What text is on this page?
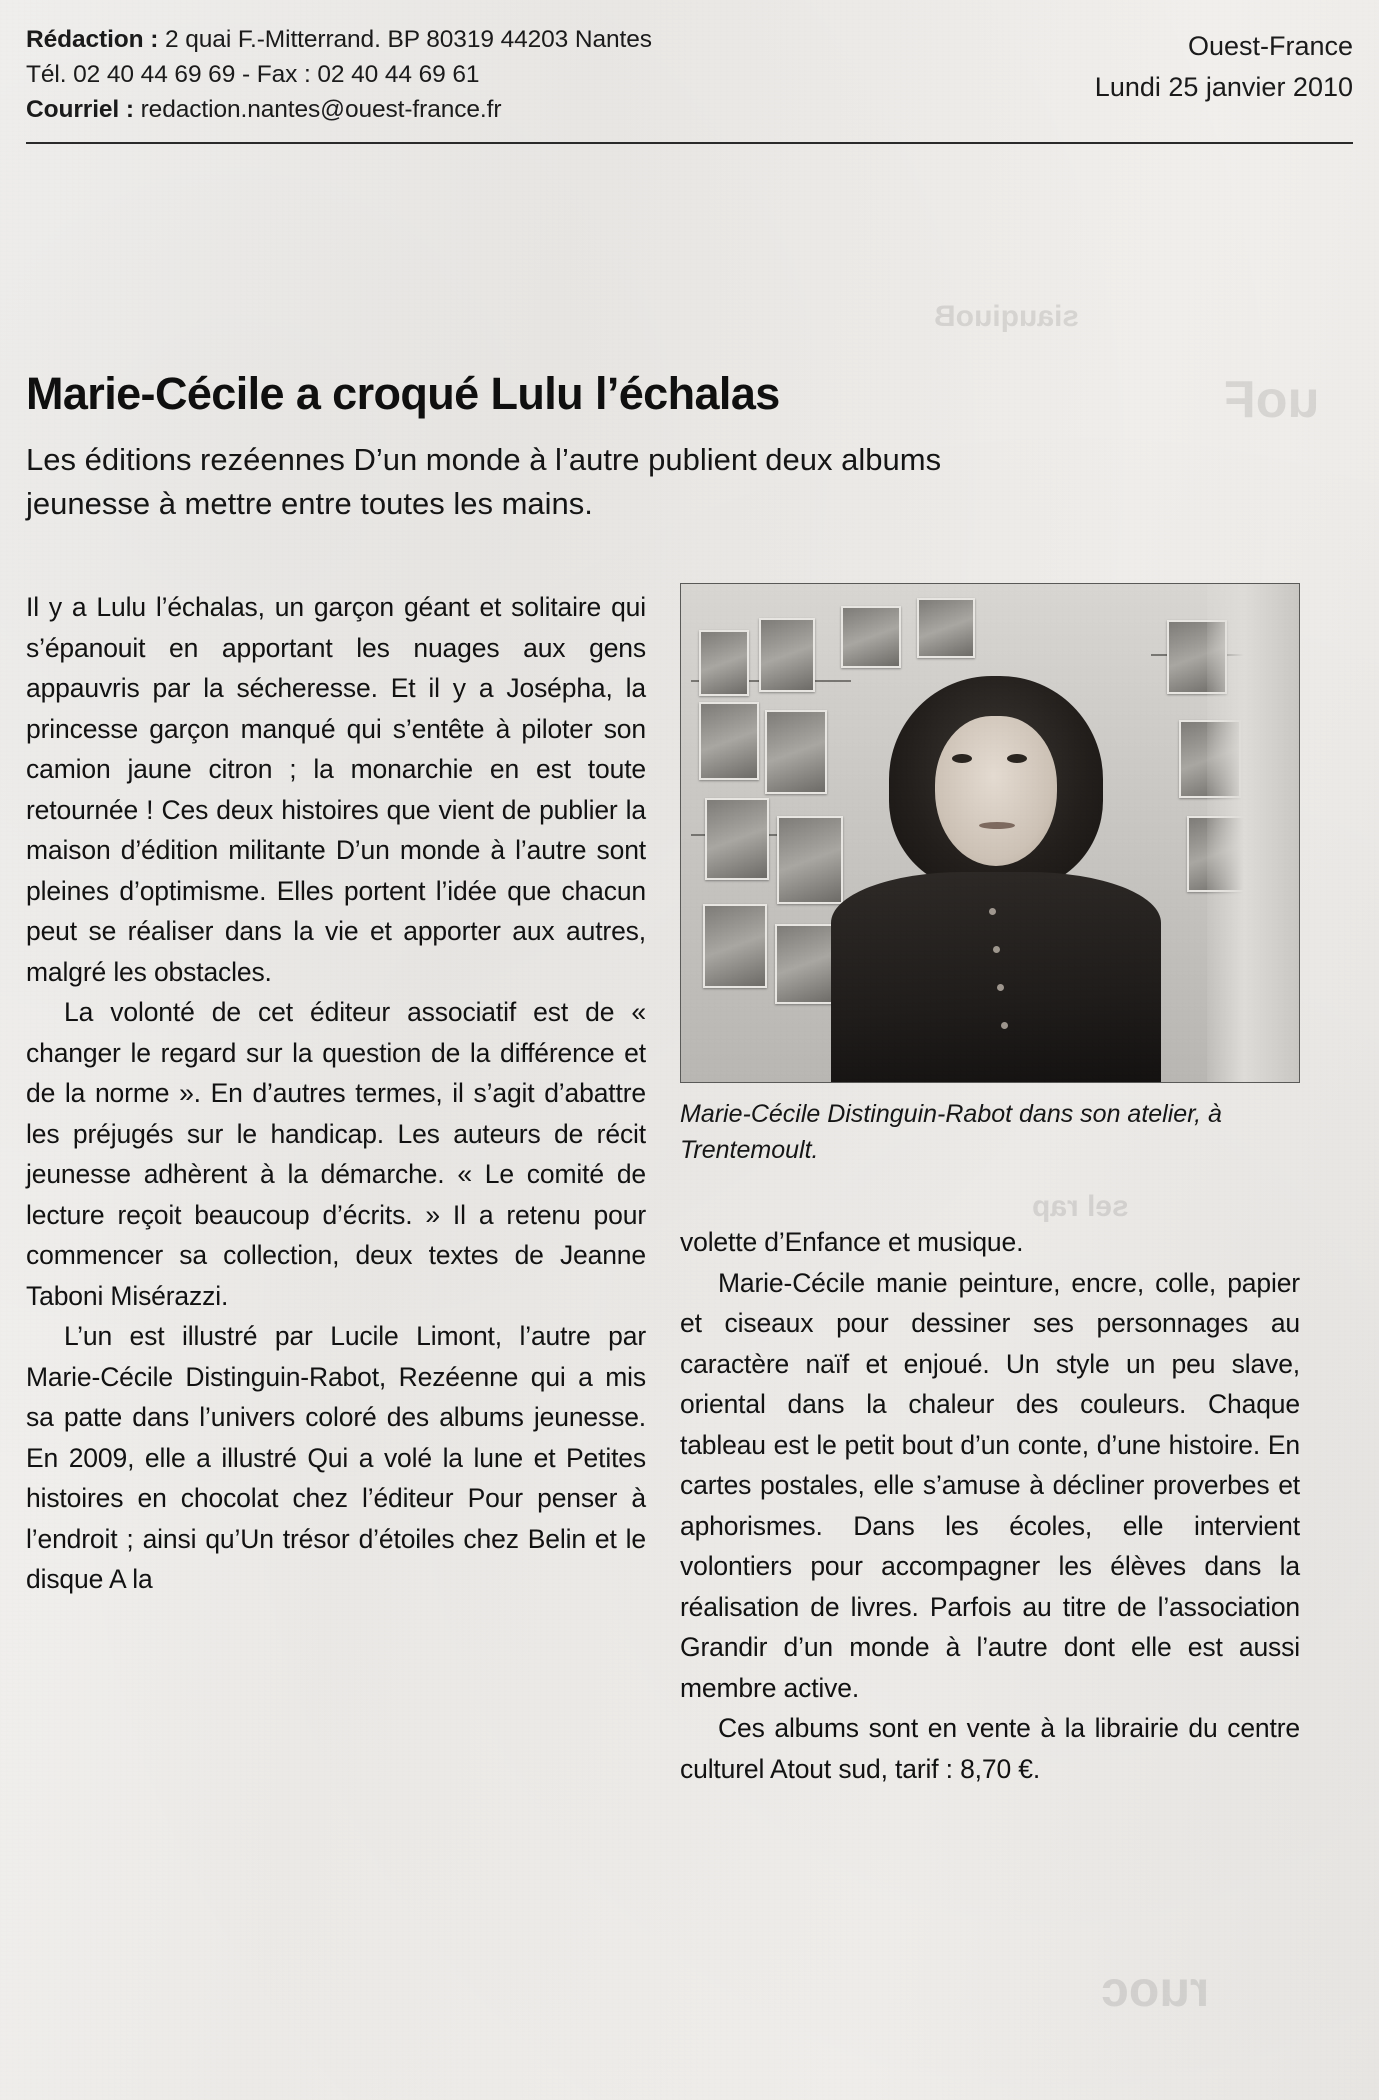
siauqiuoB
uoF
sel rap
ruoc
Rédaction : 2 quai F.-Mitterrand. BP 80319 44203 Nantes
Tél. 02 40 44 69 69 - Fax : 02 40 44 69 61
Courriel : redaction.nantes@ouest-france.fr
Ouest-France
Lundi 25 janvier 2010
Marie-Cécile a croqué Lulu l’échalas
Les éditions rezéennes D’un monde à l’autre publient deux albums jeunesse à mettre entre toutes les mains.
Marie-Cécile Distinguin-Rabot dans son atelier, à Trentemoult.

Il y a Lulu l’échalas, un garçon géant et solitaire qui s’épanouit en apportant les nuages aux gens appauvris par la sécheresse. Et il y a Josépha, la princesse garçon manqué qui s’entête à piloter son camion jaune citron ; la monarchie en est toute retournée ! Ces deux histoires que vient de publier la maison d’édition militante D’un monde à l’autre sont pleines d’optimisme. Elles portent l’idée que chacun peut se réaliser dans la vie et apporter aux autres, malgré les obstacles.

La volonté de cet éditeur associatif est de « changer le regard sur la question de la différence et de la norme ». En d’autres termes, il s’agit d’abattre les préjugés sur le handicap. Les auteurs de récit jeunesse adhèrent à la démarche. « Le comité de lecture reçoit beaucoup d’écrits. » Il a retenu pour commencer sa collection, deux textes de Jeanne Taboni Misérazzi.

L’un est illustré par Lucile Limont, l’autre par Marie-Cécile Distinguin-Rabot, Rezéenne qui a mis sa patte dans l’univers coloré des albums jeunesse. En 2009, elle a illustré Qui a volé la lune et Petites histoires en chocolat chez l’éditeur Pour penser à l’endroit ; ainsi qu’Un trésor d’étoiles chez Belin et le disque A la

volette d’Enfance et musique.

Marie-Cécile manie peinture, encre, colle, papier et ciseaux pour dessiner ses personnages au caractère naïf et enjoué. Un style un peu slave, oriental dans la chaleur des couleurs. Chaque tableau est le petit bout d’un conte, d’une histoire. En cartes postales, elle s’amuse à décliner proverbes et aphorismes. Dans les écoles, elle intervient volontiers pour accompagner les élèves dans la réalisation de livres. Parfois au titre de l’association Grandir d’un monde à l’autre dont elle est aussi membre active.

Ces albums sont en vente à la librairie du centre culturel Atout sud, tarif : 8,70 €.
